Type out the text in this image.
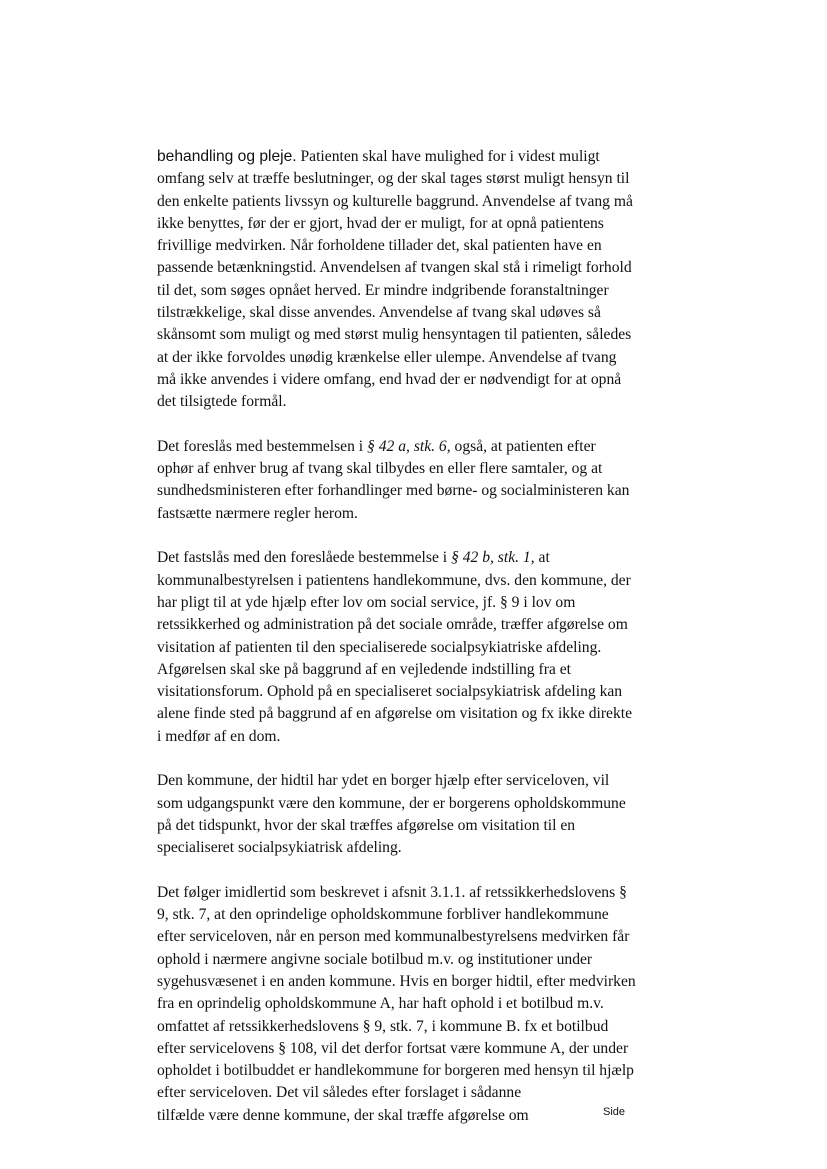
behandling og pleje. Patienten skal have mulighed for i videst muligt
omfang selv at træffe beslutninger, og der skal tages størst muligt hensyn til
den enkelte patients livssyn og kulturelle baggrund. Anvendelse af tvang må
ikke benyttes, før der er gjort, hvad der er muligt, for at opnå patientens
frivillige medvirken. Når forholdene tillader det, skal patienten have en
passende betænkningstid. Anvendelsen af tvangen skal stå i rimeligt forhold
til det, som søges opnået herved. Er mindre indgribende foranstaltninger
tilstrækkelige, skal disse anvendes. Anvendelse af tvang skal udøves så
skånsomt som muligt og med størst mulig hensyntagen til patienten, således
at der ikke forvoldes unødig krænkelse eller ulempe. Anvendelse af tvang
må ikke anvendes i videre omfang, end hvad der er nødvendigt for at opnå
det tilsigtede formål.
Det foreslås med bestemmelsen i § 42 a, stk. 6, også, at patienten efter
ophør af enhver brug af tvang skal tilbydes en eller flere samtaler, og at
sundhedsministeren efter forhandlinger med børne- og socialministeren kan
fastsætte nærmere regler herom.
Det fastslås med den foreslåede bestemmelse i § 42 b, stk. 1, at
kommunalbestyrelsen i patientens handlekommune, dvs. den kommune, der
har pligt til at yde hjælp efter lov om social service, jf. § 9 i lov om
retssikkerhed og administration på det sociale område, træffer afgørelse om
visitation af patienten til den specialiserede socialpsykiatriske afdeling.
Afgørelsen skal ske på baggrund af en vejledende indstilling fra et
visitationsforum. Ophold på en specialiseret socialpsykiatrisk afdeling kan
alene finde sted på baggrund af en afgørelse om visitation og fx ikke direkte
i medfør af en dom.
Den kommune, der hidtil har ydet en borger hjælp efter serviceloven, vil
som udgangspunkt være den kommune, der er borgerens opholdskommune
på det tidspunkt, hvor der skal træffes afgørelse om visitation til en
specialiseret socialpsykiatrisk afdeling.
Det følger imidlertid som beskrevet i afsnit 3.1.1. af retssikkerhedslovens §
9, stk. 7, at den oprindelige opholdskommune forbliver handlekommune
efter serviceloven, når en person med kommunalbestyrelsens medvirken får
ophold i nærmere angivne sociale botilbud m.v. og institutioner under
sygehusvæsenet i en anden kommune. Hvis en borger hidtil, efter medvirken
fra en oprindelig opholdskommune A, har haft ophold i et botilbud m.v.
omfattet af retssikkerhedslovens § 9, stk. 7, i kommune B. fx et botilbud
efter servicelovens § 108, vil det derfor fortsat være kommune A, der under
opholdet i botilbuddet er handlekommune for borgeren med hensyn til hjælp
efter serviceloven. Det vil således efter forslaget i sådanne
tilfælde være denne kommune, der skal træffe afgørelse om	Side
